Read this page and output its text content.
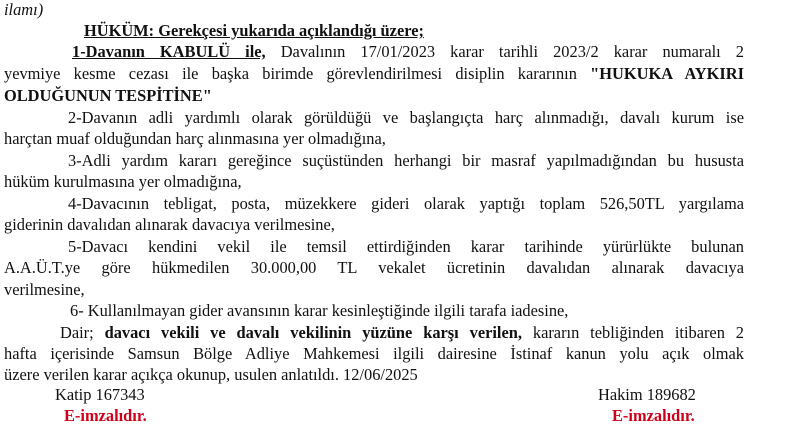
ilamı)
HÜKÜM: Gerekçesi yukarıda açıklandığı üzere;
1-Davanın KABULÜ ile, Davalının 17/01/2023 karar tarihli 2023/2 karar numaralı 2
yevmiye kesme cezası ile başka birimde görevlendirilmesi disiplin kararının "HUKUKA AYKIRI
OLDUĞUNUN TESPİTİNE"
2-Davanın adli yardımlı olarak görüldüğü ve başlangıçta harç alınmadığı, davalı kurum ise
harçtan muaf olduğundan harç alınmasına yer olmadığına,
3-Adli yardım kararı gereğince suçüstünden herhangi bir masraf yapılmadığından bu hususta
hüküm kurulmasına yer olmadığına,
4-Davacının tebligat, posta, müzekkere gideri olarak yaptığı toplam 526,50TL yargılama
giderinin davalıdan alınarak davacıya verilmesine,
5-Davacı kendini vekil ile temsil ettirdiğinden karar tarihinde yürürlükte bulunan
A.A.Ü.T.ye göre hükmedilen 30.000,00 TL vekalet ücretinin davalıdan alınarak davacıya
verilmesine,
6- Kullanılmayan gider avansının karar kesinleştiğinde ilgili tarafa iadesine,
Dair; davacı vekili ve davalı vekilinin yüzüne karşı verilen, kararın tebliğinden itibaren 2
hafta içerisinde Samsun Bölge Adliye Mahkemesi ilgili dairesine İstinaf kanun yolu açık olmak
üzere verilen karar açıkça okunup, usulen anlatıldı. 12/06/2025
Katip 167343	Hakim 189682
E-imzalıdır.	E-imzalıdır.
